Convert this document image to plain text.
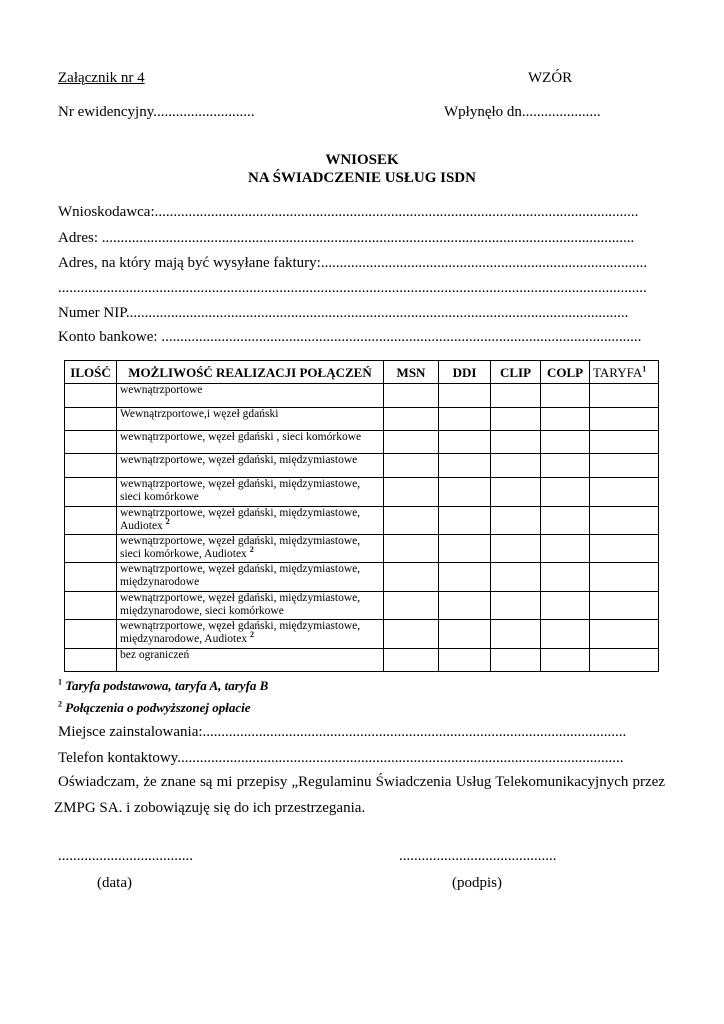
Załącznik nr 4	WZÓR
Nr ewidencyjny...........................	Wpłynęło dn.....................
WNIOSEK
NA ŚWIADCZENIE USŁUG ISDN
Wnioskodawca:.................................................................................................................................
Adres: ..............................................................................................................................................
Adres, na który mają być wysyłane faktury:.......................................................................................
.............................................................................................................................................................
Numer NIP......................................................................................................................................
Konto bankowe: ................................................................................................................................
ILOŚĆ	MOŻLIWOŚĆ REALIZACJI POŁĄCZEŃ	MSN	DDI	CLIP	COLP	TARYFA$^1$
	wewnątrzportowe					
	Wewnątrzportowe,i węzeł gdański					
	wewnątrzportowe, węzeł gdański , sieci komórkowe					
	wewnątrzportowe, węzeł gdański, międzymiastowe					
	wewnątrzportowe, węzeł gdański, międzymiastowe, sieci komórkowe					
	wewnątrzportowe, węzeł gdański, międzymiastowe, Audiotex $^2$					
	wewnątrzportowe, węzeł gdański, międzymiastowe, sieci komórkowe, Audiotex $^2$					
	wewnątrzportowe, węzeł gdański, międzymiastowe, międzynarodowe					
	wewnątrzportowe, węzeł gdański, międzymiastowe, międzynarodowe, sieci komórkowe					
	wewnątrzportowe, węzeł gdański, międzymiastowe, międzynarodowe, Audiotex $^2$					
	bez ograniczeń					
$^1$ Taryfa podstawowa, taryfa A, taryfa B
$^2$ Połączenia o podwyższonej opłacie
Miejsce zainstalowania:.................................................................................................................
Telefon kontaktowy.......................................................................................................................
Oświadczam, że znane są mi przepisy „Regulaminu Świadczenia Usług Telekomunikacyjnych przez
ZMPG SA. i zobowiązuję się do ich przestrzegania.
....................................
(data)
..........................................
(podpis)
